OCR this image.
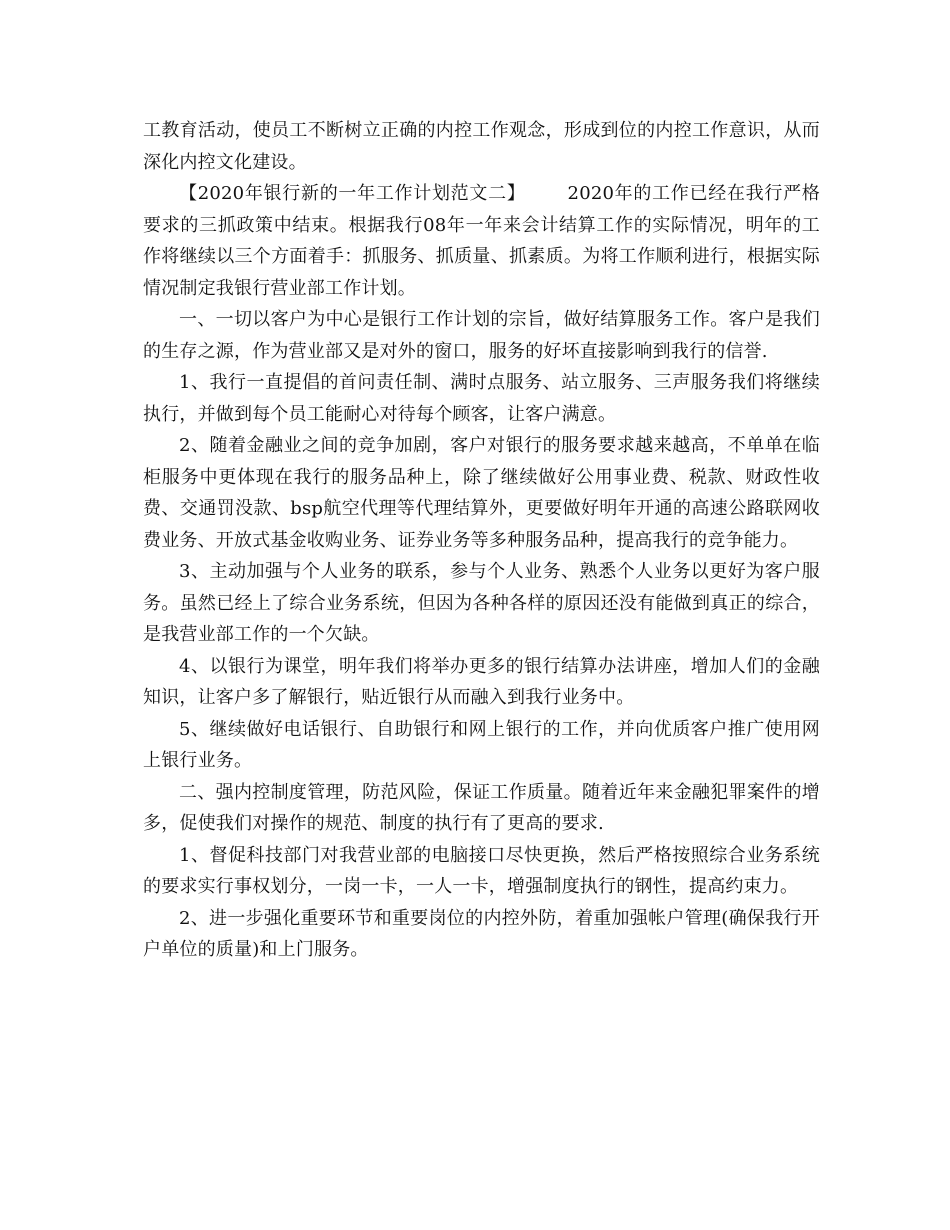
工教育活动，使员工不断树立正确的内控工作观念，形成到位的内控工作意识，从而深化内控文化建设。

【2020年银行新的一年工作计划范文二】 2020年的工作已经在我行严格要求的三抓政策中结束。根据我行08年一年来会计结算工作的实际情况，明年的工作将继续以三个方面着手：抓服务、抓质量、抓素质。为将工作顺利进行，根据实际情况制定我银行营业部工作计划。

一、一切以客户为中心是银行工作计划的宗旨，做好结算服务工作。客户是我们的生存之源，作为营业部又是对外的窗口，服务的好坏直接影响到我行的信誉.

1、我行一直提倡的首问责任制、满时点服务、站立服务、三声服务我们将继续执行，并做到每个员工能耐心对待每个顾客，让客户满意。

2、随着金融业之间的竞争加剧，客户对银行的服务要求越来越高，不单单在临柜服务中更体现在我行的服务品种上，除了继续做好公用事业费、税款、财政性收费、交通罚没款、bsp航空代理等代理结算外，更要做好明年开通的高速公路联网收费业务、开放式基金收购业务、证券业务等多种服务品种，提高我行的竞争能力。

3、主动加强与个人业务的联系，参与个人业务、熟悉个人业务以更好为客户服务。虽然已经上了综合业务系统，但因为各种各样的原因还没有能做到真正的综合，是我营业部工作的一个欠缺。

4、以银行为课堂，明年我们将举办更多的银行结算办法讲座，增加人们的金融知识，让客户多了解银行，贴近银行从而融入到我行业务中。

5、继续做好电话银行、自助银行和网上银行的工作，并向优质客户推广使用网上银行业务。

二、强内控制度管理，防范风险，保证工作质量。随着近年来金融犯罪案件的增多，促使我们对操作的规范、制度的执行有了更高的要求.

1、督促科技部门对我营业部的电脑接口尽快更换，然后严格按照综合业务系统的要求实行事权划分，一岗一卡，一人一卡，增强制度执行的钢性，提高约束力。

2、进一步强化重要环节和重要岗位的内控外防，着重加强帐户管理(确保我行开户单位的质量)和上门服务。
